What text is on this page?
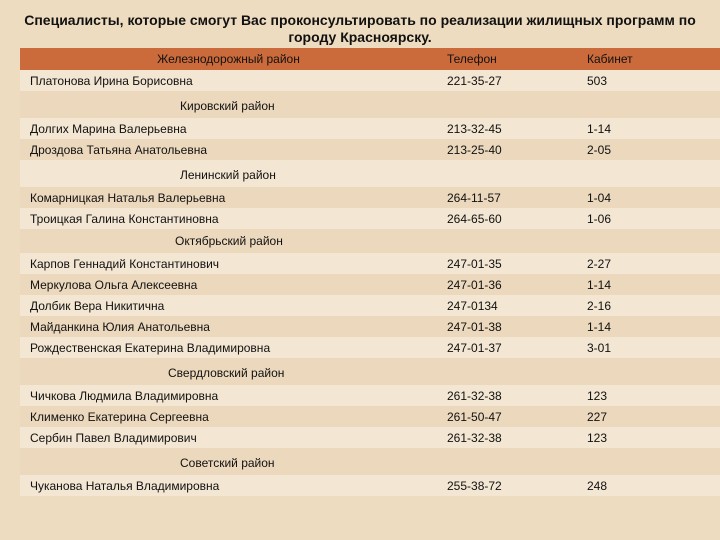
Специалисты, которые смогут Вас проконсультировать по реализации жилищных программ по городу Красноярску.
Железнодорожный район	Телефон	Кабинет
Платонова Ирина Борисовна	221-35-27	503

Кировский район		
Долгих Марина Валерьевна	213-32-45	1-14
Дроздова Татьяна Анатольевна	213-25-40	2-05

Ленинский район		
Комарницкая Наталья Валерьевна	264-11-57	1-04
Троицкая Галина Константиновна	264-65-60	1-06
Октябрьский район		
Карпов Геннадий Константинович	247-01-35	2-27
Меркулова Ольга Алексеевна	247-01-36	1-14
Долбик Вера Никитична	247-0134	2-16
Майданкина Юлия Анатольевна	247-01-38	1-14
Рождественская Екатерина Владимировна	247-01-37	3-01

Свердловский район		
Чичкова Людмила Владимировна	261-32-38	123
Клименко Екатерина Сергеевна	261-50-47	227
Сербин Павел Владимирович	261-32-38	123

Советский район		
Чуканова Наталья Владимировна	255-38-72	248
